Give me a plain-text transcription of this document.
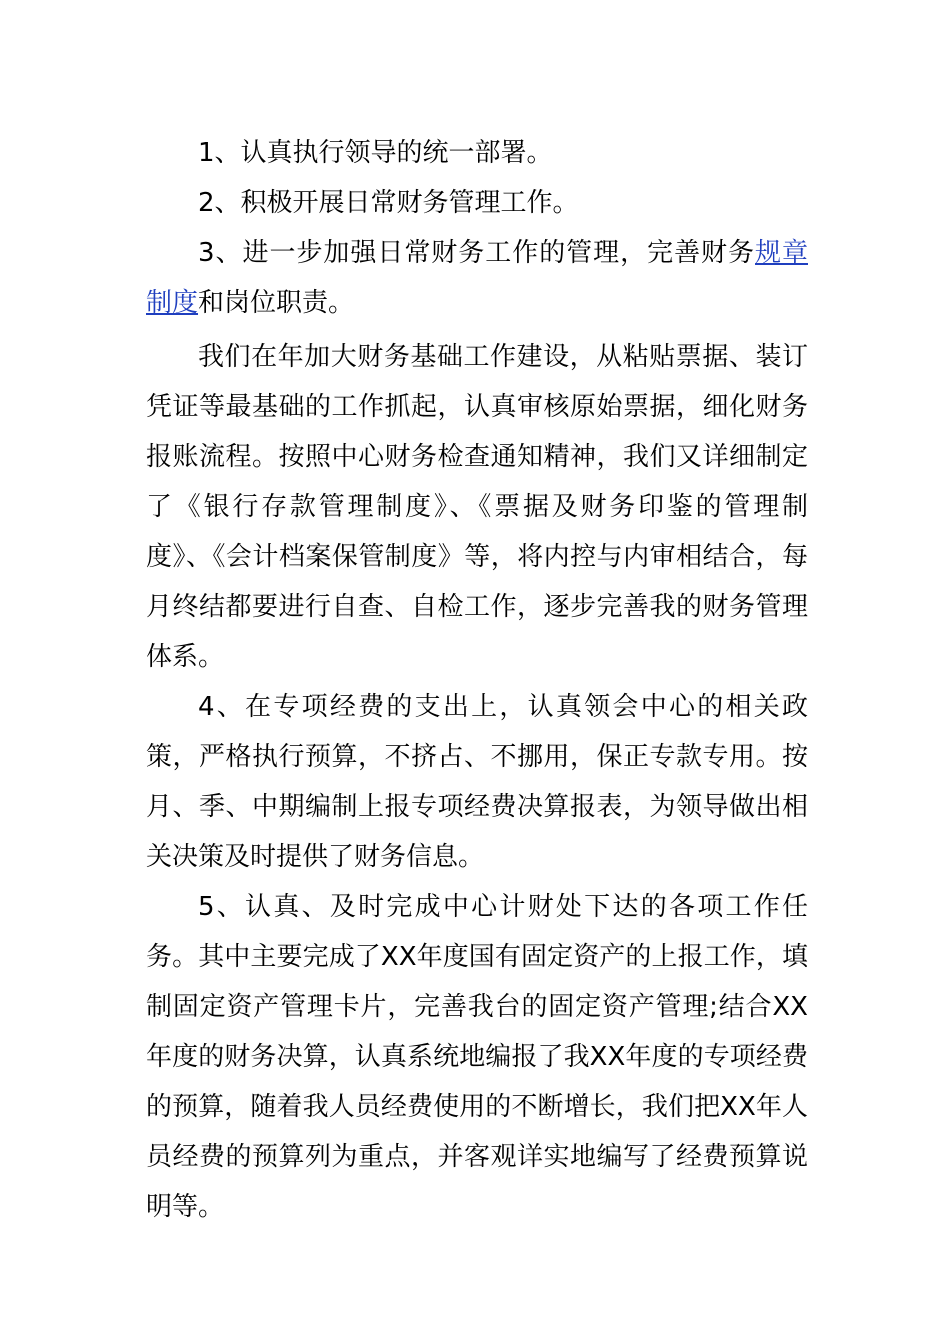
1、认真执行领导的统一部署。

2、积极开展日常财务管理工作。

3、进一步加强日常财务工作的管理，完善财务规章制度和岗位职责。

我们在年加大财务基础工作建设，从粘贴票据、装订凭证等最基础的工作抓起，认真审核原始票据，细化财务报账流程。按照中心财务检查通知精神，我们又详细制定了《银行存款管理制度》、《票据及财务印鉴的管理制度》、《会计档案保管制度》等，将内控与内审相结合，每月终结都要进行自查、自检工作，逐步完善我的财务管理体系。

4、在专项经费的支出上，认真领会中心的相关政策，严格执行预算，不挤占、不挪用，保正专款专用。按月、季、中期编制上报专项经费决算报表，为领导做出相关决策及时提供了财务信息。

5、认真、及时完成中心计财处下达的各项工作任务。其中主要完成了XX年度国有固定资产的上报工作，填制固定资产管理卡片，完善我台的固定资产管理;结合XX年度的财务决算，认真系统地编报了我XX年度的专项经费的预算，随着我人员经费使用的不断增长，我们把XX年人员经费的预算列为重点，并客观详实地编写了经费预算说明等。
